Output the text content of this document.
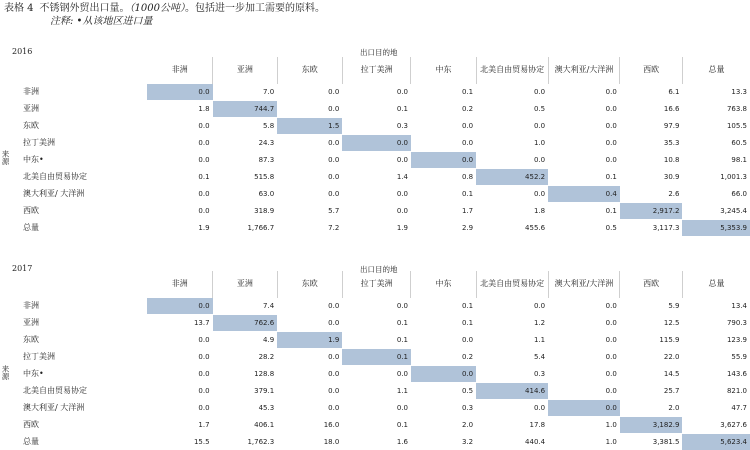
表格 4 不锈钢外贸出口量。（1000公吨）。包括进一步加工需要的原料。
注释: •从该地区进口量
2016	出口目的地
来源
	非洲	亚洲	东欧	拉丁美洲	中东	北美自由贸易协定	澳大利亚/大洋洲	西欧	总量
非洲	0.0	7.0	0.0	0.0	0.1	0.0	0.0	6.1	13.3
亚洲	1.8	744.7	0.0	0.1	0.2	0.5	0.0	16.6	763.8
东欧	0.0	5.8	1.5	0.3	0.0	0.0	0.0	97.9	105.5
拉丁美洲	0.0	24.3	0.0	0.0	0.0	1.0	0.0	35.3	60.5
中东•	0.0	87.3	0.0	0.0	0.0	0.0	0.0	10.8	98.1
北美自由贸易协定	0.1	515.8	0.0	1.4	0.8	452.2	0.1	30.9	1,001.3
澳大利亚/ 大洋洲	0.0	63.0	0.0	0.0	0.1	0.0	0.4	2.6	66.0
西欧	0.0	318.9	5.7	0.0	1.7	1.8	0.1	2,917.2	3,245.4
总量	1.9	1,766.7	7.2	1.9	2.9	455.6	0.5	3,117.3	5,353.9
2017	出口目的地
来源
	非洲	亚洲	东欧	拉丁美洲	中东	北美自由贸易协定	澳大利亚/大洋洲	西欧	总量
非洲	0.0	7.4	0.0	0.0	0.1	0.0	0.0	5.9	13.4
亚洲	13.7	762.6	0.0	0.1	0.1	1.2	0.0	12.5	790.3
东欧	0.0	4.9	1.9	0.1	0.0	1.1	0.0	115.9	123.9
拉丁美洲	0.0	28.2	0.0	0.1	0.2	5.4	0.0	22.0	55.9
中东•	0.0	128.8	0.0	0.0	0.0	0.3	0.0	14.5	143.6
北美自由贸易协定	0.0	379.1	0.0	1.1	0.5	414.6	0.0	25.7	821.0
澳大利亚/ 大洋洲	0.0	45.3	0.0	0.0	0.3	0.0	0.0	2.0	47.7
西欧	1.7	406.1	16.0	0.1	2.0	17.8	1.0	3,182.9	3,627.6
总量	15.5	1,762.3	18.0	1.6	3.2	440.4	1.0	3,381.5	5,623.4
